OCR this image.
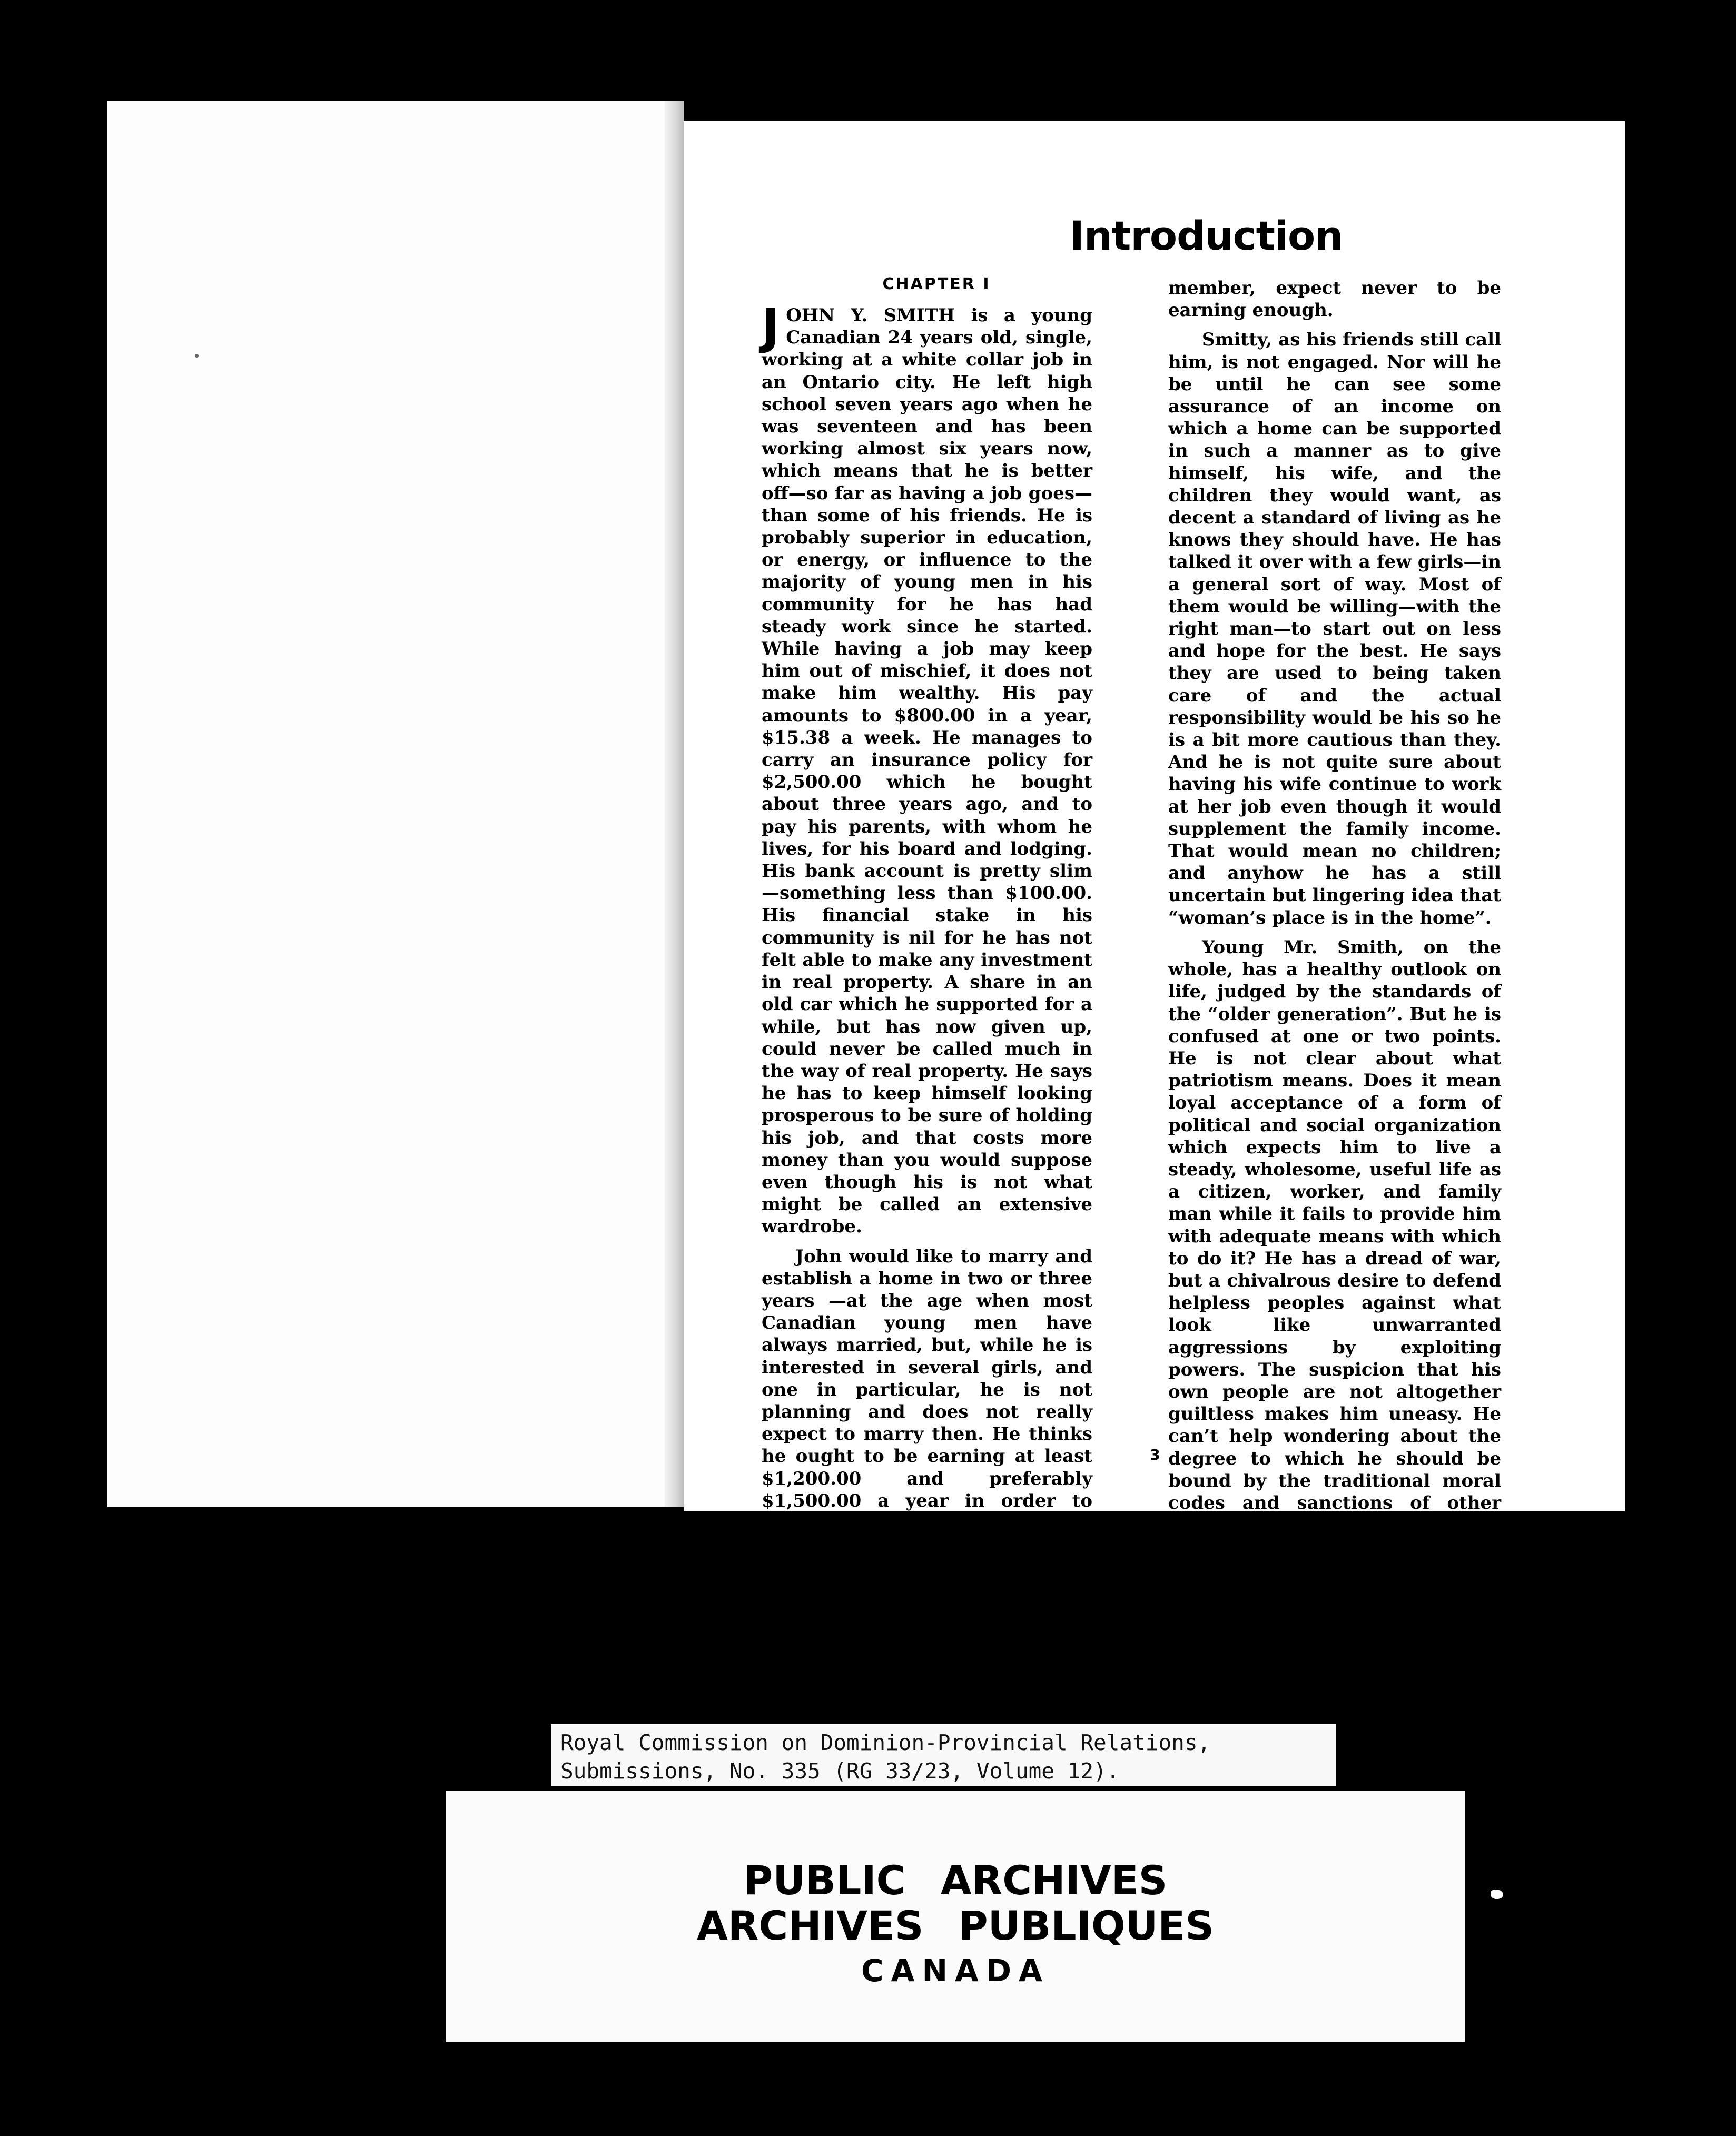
Introduction
CHAPTER I

JOHN Y. SMITH is a young Canadian 24 years old, single, working at a white collar job in an Ontario city. He left high school seven years ago when he was seventeen and has been working almost six years now, which means that he is better off—so far as having a job goes—than some of his friends. He is probably superior in education, or energy, or influence to the majority of young men in his community for he has had steady work since he started. While having a job may keep him out of mischief, it does not make him wealthy. His pay amounts to $800.00 in a year, $15.38 a week. He manages to carry an insurance policy for $2,500.00 which he bought about three years ago, and to pay his parents, with whom he lives, for his board and lodging. His bank account is pretty slim—something less than $100.00. His financial stake in his community is nil for he has not felt able to make any investment in real property. A share in an old car which he supported for a while, but has now given up, could never be called much in the way of real property. He says he has to keep himself looking prosperous to be sure of holding his job, and that costs more money than you would suppose even though his is not what might be called an extensive wardrobe.

John would like to marry and establish a home in two or three years —at the age when most Canadian young men have always married, but, while he is interested in several girls, and one in particular, he is not planning and does not really expect to marry then. He thinks he ought to be earning at least $1,200.00 and preferably $1,500.00 a year in order to support a home. He believes it will be at least five or six years before he can be earning enough, if ever. Thirty of the 150 young men who also belong to an organization of which he is a

member, expect never to be earning enough.

Smitty, as his friends still call him, is not engaged. Nor will he be until he can see some assurance of an income on which a home can be supported in such a manner as to give himself, his wife, and the children they would want, as decent a standard of living as he knows they should have. He has talked it over with a few girls—in a general sort of way. Most of them would be willing—with the right man—to start out on less and hope for the best. He says they are used to being taken care of and the actual responsibility would be his so he is a bit more cautious than they. And he is not quite sure about having his wife continue to work at her job even though it would supplement the family income. That would mean no children; and anyhow he has a still uncertain but lingering idea that “woman’s place is in the home”.

Young Mr. Smith, on the whole, has a healthy outlook on life, judged by the standards of the “older generation”. But he is confused at one or two points. He is not clear about what patriotism means. Does it mean loyal acceptance of a form of political and social organization which expects him to live a steady, wholesome, useful life as a citizen, worker, and family man while it fails to provide him with adequate means with which to do it? He has a dread of war, but a chivalrous desire to defend helpless peoples against what look like unwarranted aggressions by exploiting powers. The suspicion that his own people are not altogether guiltless makes him uneasy. He can’t help wondering about the degree to which he should be bound by the traditional moral codes and sanctions of other days now that general economic conditions— and changing attitudes among other young people—seem to suggest a more “realistic” attitude for him.

3
Royal Commission on Dominion-Provincial Relations,
Submissions, No. 335 (RG 33/23, Volume 12).
PUBLIC ARCHIVES
ARCHIVES PUBLIQUES
CANADA
